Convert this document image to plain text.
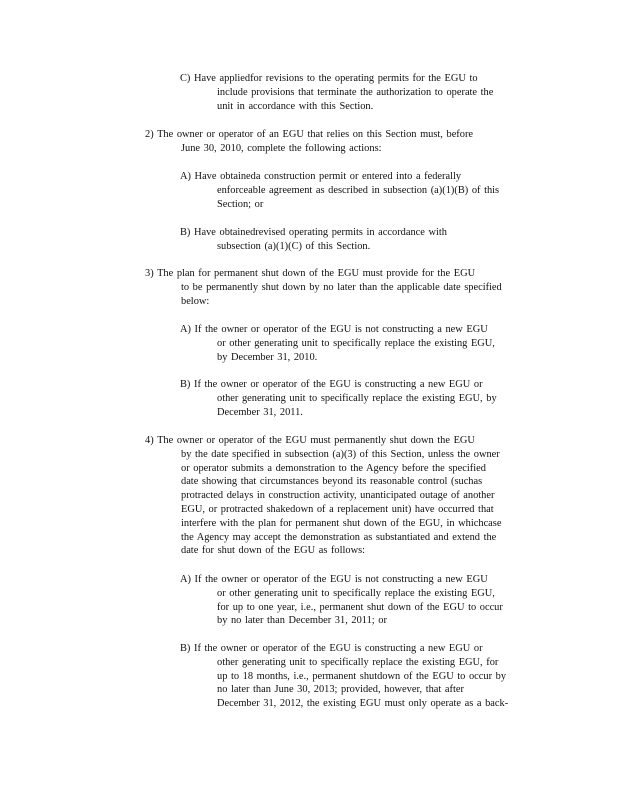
C) Have appliedfor revisions to the operating permits for the EGU to
include provisions that terminate the authorization to operate the
unit in accordance with this Section.
2) The owner or operator of an EGU that relies on this Section must, before
June 30, 2010, complete the following actions:
A) Have obtaineda construction permit or entered into a federally
enforceable agreement as described in subsection (a)(1)(B) of this
Section; or
B) Have obtainedrevised operating permits in accordance with
subsection (a)(1)(C) of this Section.
3) The plan for permanent shut down of the EGU must provide for the EGU
to be permanently shut down by no later than the applicable date specified
below:
A) If the owner or operator of the EGU is not constructing a new EGU
or other generating unit to specifically replace the existing EGU,
by December 31, 2010.
B) If the owner or operator of the EGU is constructing a new EGU or
other generating unit to specifically replace the existing EGU, by
December 31, 2011.
4) The owner or operator of the EGU must permanently shut down the EGU
by the date specified in subsection (a)(3) of this Section, unless the owner
or operator submits a demonstration to the Agency before the specified
date showing that circumstances beyond its reasonable control (suchas
protracted delays in construction activity, unanticipated outage of another
EGU, or protracted shakedown of a replacement unit) have occurred that
interfere with the plan for permanent shut down of the EGU, in whichcase
the Agency may accept the demonstration as substantiated and extend the
date for shut down of the EGU as follows:
A) If the owner or operator of the EGU is not constructing a new EGU
or other generating unit to specifically replace the existing EGU,
for up to one year, i.e., permanent shut down of the EGU to occur
by no later than December 31, 2011; or
B) If the owner or operator of the EGU is constructing a new EGU or
other generating unit to specifically replace the existing EGU, for
up to 18 months, i.e., permanent shutdown of the EGU to occur by
no later than June 30, 2013; provided, however, that after
December 31, 2012, the existing EGU must only operate as a back-
